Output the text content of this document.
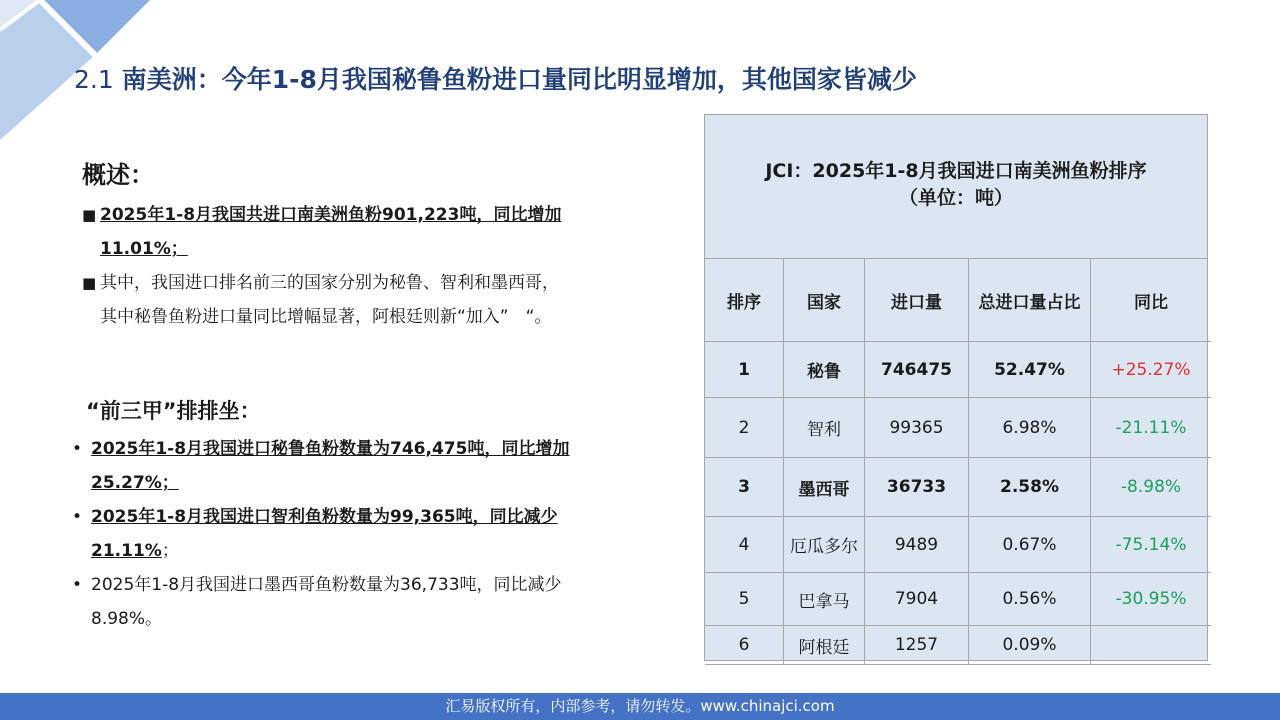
2.1 南美洲：今年1-8月我国秘鲁鱼粉进口量同比明显增加，其他国家皆减少
概述：
■ 2025年1-8月我国共进口南美洲鱼粉901,223吨，同比增加11.01%；
■ 其中，我国进口排名前三的国家分别为秘鲁、智利和墨西哥，其中秘鲁鱼粉进口量同比增幅显著，阿根廷则新“加入”　“。
“前三甲”排排坐：
• 2025年1-8月我国进口秘鲁鱼粉数量为746,475吨，同比增加25.27%；
• 2025年1-8月我国进口智利鱼粉数量为99,365吨，同比减少21.11%；
• 2025年1-8月我国进口墨西哥鱼粉数量为36,733吨，同比减少8.98%。
JCI：2025年1-8月我国进口南美洲鱼粉排序
（单位：吨）
排序	国家	进口量	总进口量占比	同比
1	秘鲁	746475	52.47%	+25.27%
2	智利	99365	6.98%	-21.11%
3	墨西哥	36733	2.58%	-8.98%
4	厄瓜多尔	9489	0.67%	-75.14%
5	巴拿马	7904	0.56%	-30.95%
6	阿根廷	1257	0.09%	
汇易版权所有，内部参考，请勿转发。www.chinajci.com
